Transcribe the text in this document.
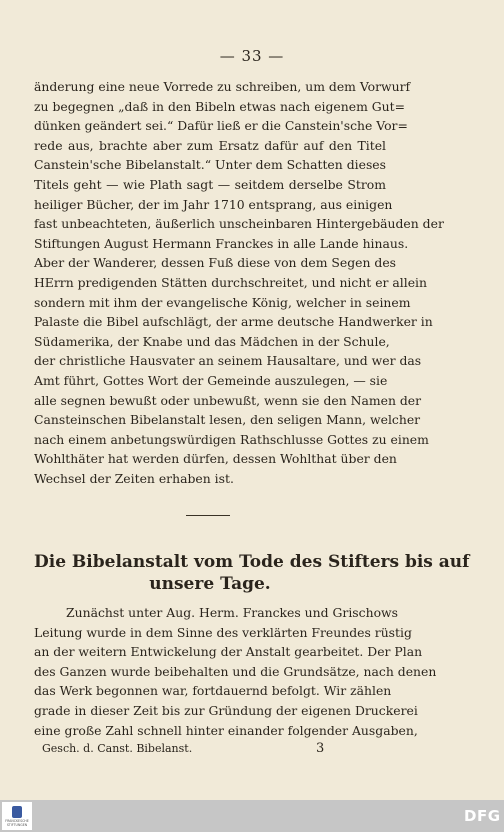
— 33 —
änderung eine neue Vorrede zu schreiben, um dem Vorwurf
zu begegnen „daß in den Bibeln etwas nach eigenem Gut=
dünken geändert sei.“ Dafür ließ er die Canstein'sche Vor=
rede aus, brachte aber zum Ersatz dafür auf den Titel
Canstein'sche Bibelanstalt.“ Unter dem Schatten dieses
Titels geht — wie Plath sagt — seitdem derselbe Strom
heiliger Bücher, der im Jahr 1710 entsprang, aus einigen
fast unbeachteten, äußerlich unscheinbaren Hintergebäuden der
Stiftungen August Hermann Franckes in alle Lande hinaus.
Aber der Wanderer, dessen Fuß diese von dem Segen des
HErrn predigenden Stätten durchschreitet, und nicht er allein
sondern mit ihm der evangelische König, welcher in seinem
Palaste die Bibel aufschlägt, der arme deutsche Handwerker in
Südamerika, der Knabe und das Mädchen in der Schule,
der christliche Hausvater an seinem Hausaltare, und wer das
Amt führt, Gottes Wort der Gemeinde auszulegen, — sie
alle segnen bewußt oder unbewußt, wenn sie den Namen der
Cansteinschen Bibelanstalt lesen, den seligen Mann, welcher
nach einem anbetungswürdigen Rathschlusse Gottes zu einem
Wohlthäter hat werden dürfen, dessen Wohlthat über den
Wechsel der Zeiten erhaben ist.
Die Bibelanstalt vom Tode des Stifters bis auf
unsere Tage.
Zunächst unter Aug. Herm. Franckes und Grischows
Leitung wurde in dem Sinne des verklärten Freundes rüstig
an der weitern Entwickelung der Anstalt gearbeitet. Der Plan
des Ganzen wurde beibehalten und die Grundsätze, nach denen
das Werk begonnen war, fortdauernd befolgt. Wir zählen
grade in dieser Zeit bis zur Gründung der eigenen Druckerei
eine große Zahl schnell hinter einander folgender Ausgaben,
Gesch. d. Canst. Bibelanst.	3
FRANCKESCHE STIFTUNGEN	DFG
